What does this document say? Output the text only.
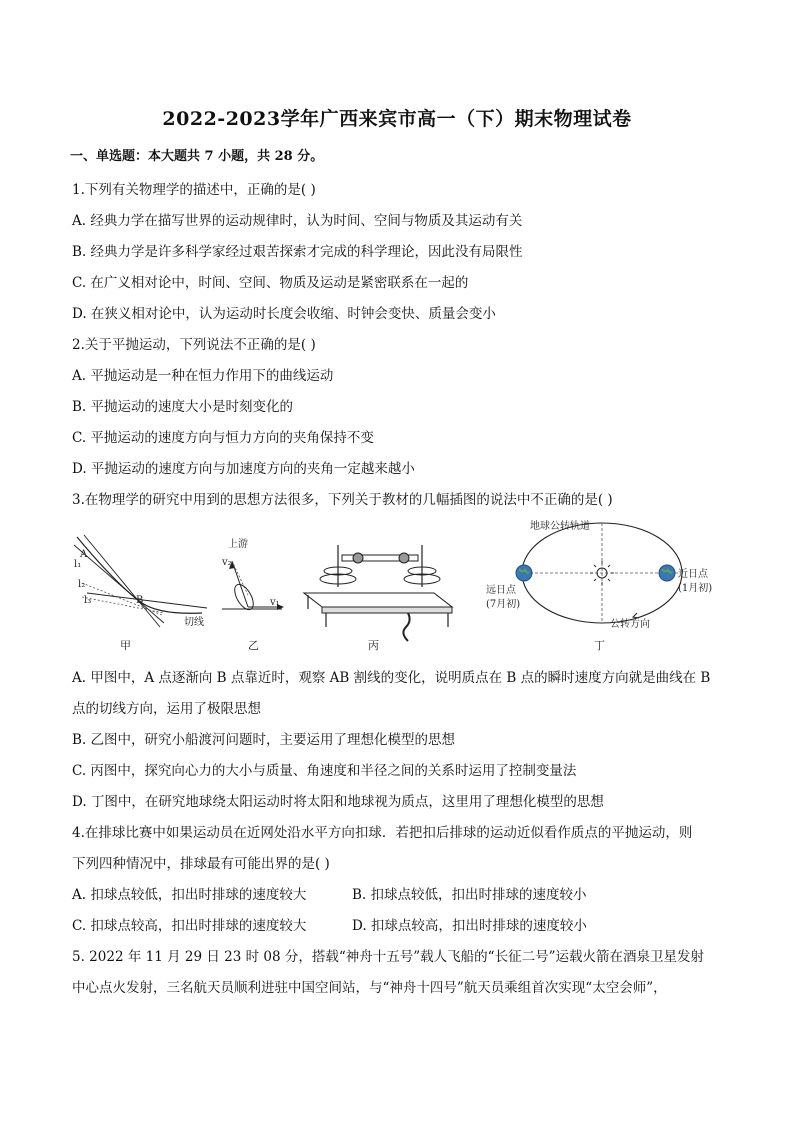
2022-2023学年广西来宾市高一（下）期末物理试卷
一、单选题：本大题共 7 小题，共 28 分。
1.下列有关物理学的描述中，正确的是( )
A. 经典力学在描写世界的运动规律时，认为时间、空间与物质及其运动有关
B. 经典力学是许多科学家经过艰苦探索才完成的科学理论，因此没有局限性
C. 在广义相对论中，时间、空间、物质及运动是紧密联系在一起的
D. 在狭义相对论中，认为运动时长度会收缩、时钟会变快、质量会变小
2.关于平抛运动，下列说法不正确的是( )
A. 平抛运动是一种在恒力作用下的曲线运动
B. 平抛运动的速度大小是时刻变化的
C. 平抛运动的速度方向与恒力方向的夹角保持不变
D. 平抛运动的速度方向与加速度方向的夹角一定越来越小
3.在物理学的研究中用到的思想方法很多，下列关于教材的几幅插图的说法中不正确的是( )
A
B
l₁
l₂
l₃
切线
甲
上游
v₂
v₁
乙	丙
地球公转轨道
远日点
(7月初)
近日点
(1月初)
公转方向
丁
A. 甲图中，A 点逐渐向 B 点靠近时，观察 AB 割线的变化，说明质点在 B 点的瞬时速度方向就是曲线在 B
点的切线方向，运用了极限思想
B. 乙图中，研究小船渡河问题时，主要运用了理想化模型的思想
C. 丙图中，探究向心力的大小与质量、角速度和半径之间的关系时运用了控制变量法
D. 丁图中，在研究地球绕太阳运动时将太阳和地球视为质点，这里用了理想化模型的思想
4.在排球比赛中如果运动员在近网处沿水平方向扣球．若把扣后排球的运动近似看作质点的平抛运动，则
下列四种情况中，排球最有可能出界的是( )
A. 扣球点较低，扣出时排球的速度较大	B. 扣球点较低，扣出时排球的速度较小
C. 扣球点较高，扣出时排球的速度较大	D. 扣球点较高，扣出时排球的速度较小
5. 2022 年 11 月 29 日 23 时 08 分，搭载“神舟十五号”载人飞船的“长征二号”运载火箭在酒泉卫星发射
中心点火发射，三名航天员顺利进驻中国空间站，与“神舟十四号”航天员乘组首次实现“太空会师”，
